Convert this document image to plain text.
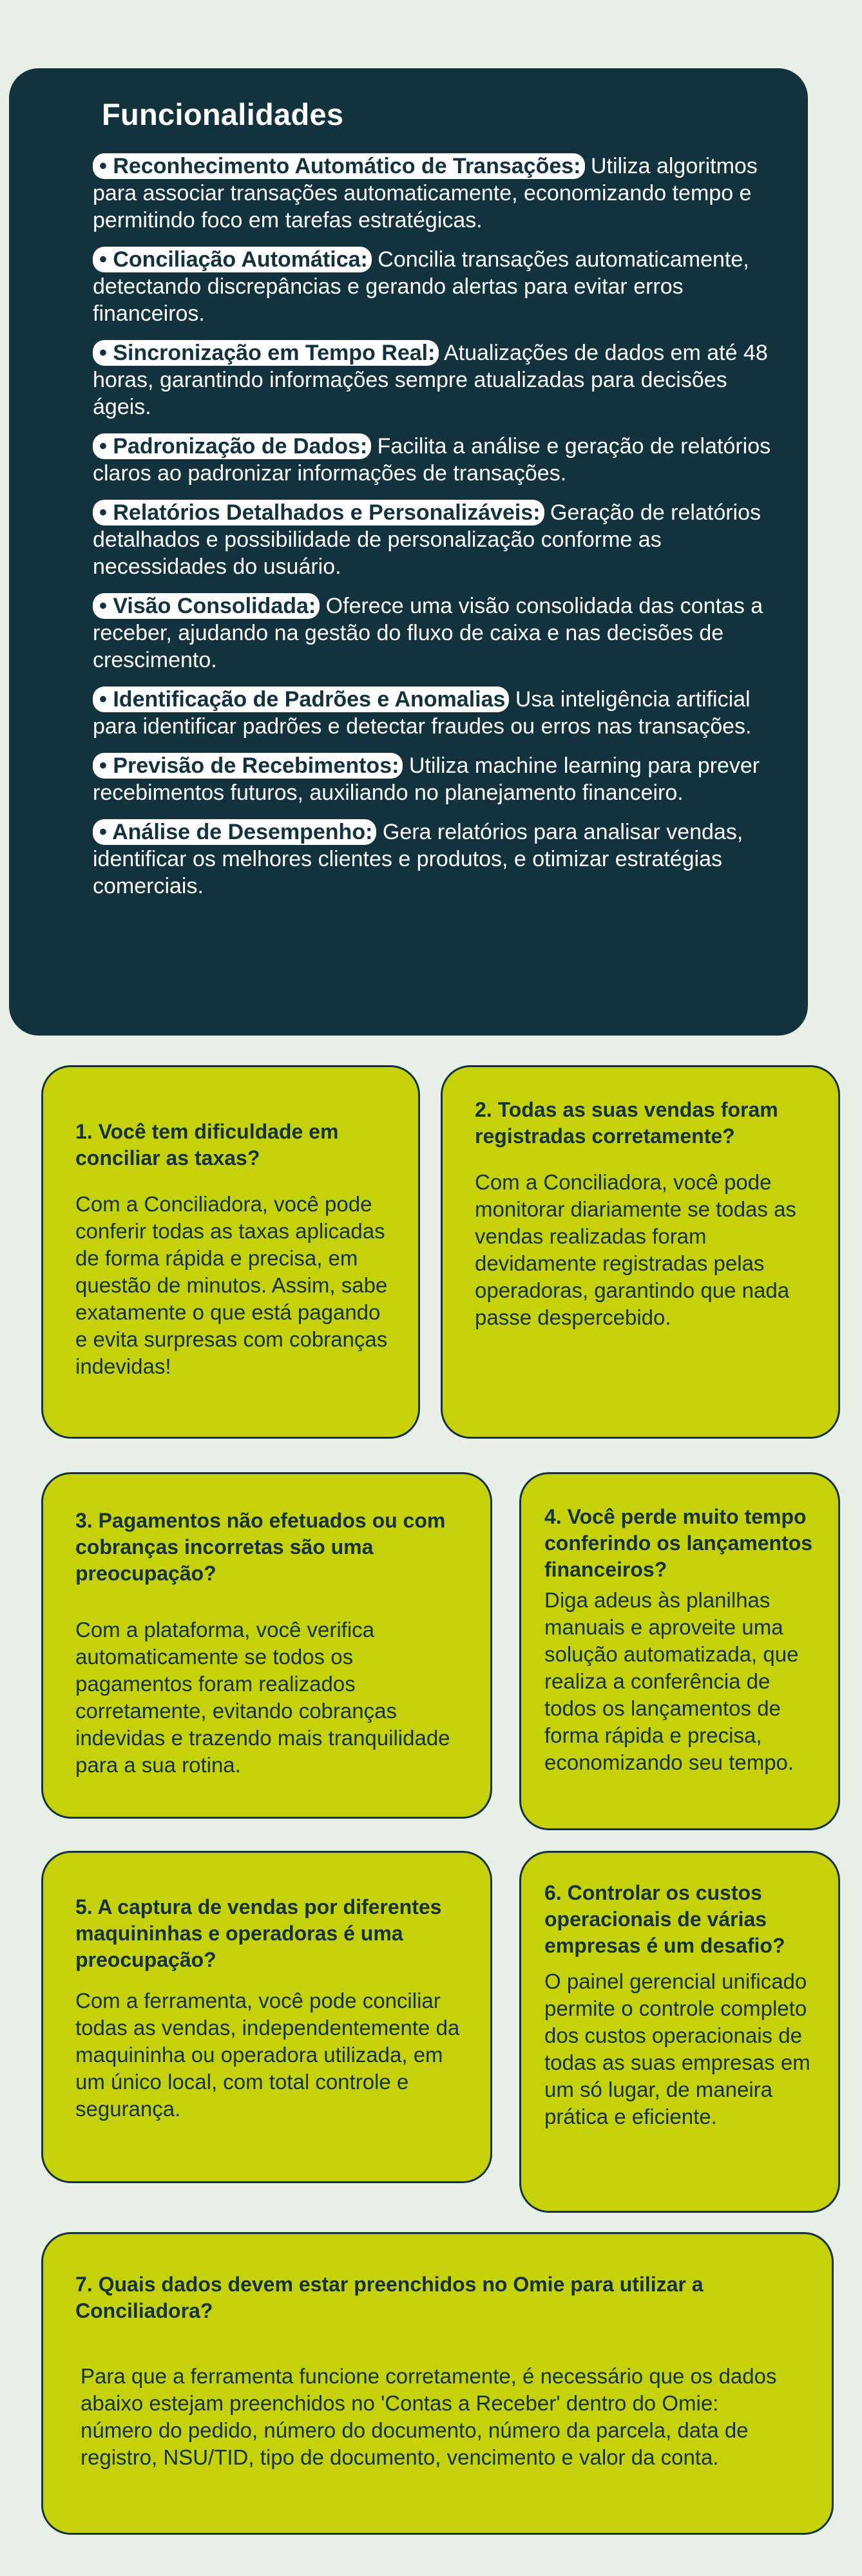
Funcionalidades

• Reconhecimento Automático de Transações: Utiliza algoritmos para associar transações automaticamente, economizando tempo e permitindo foco em tarefas estratégicas.

• Conciliação Automática: Concilia transações automaticamente, detectando discrepâncias e gerando alertas para evitar erros financeiros.

• Sincronização em Tempo Real: Atualizações de dados em até 48 horas, garantindo informações sempre atualizadas para decisões ágeis.

• Padronização de Dados: Facilita a análise e geração de relatórios claros ao padronizar informações de transações.

• Relatórios Detalhados e Personalizáveis: Geração de relatórios detalhados e possibilidade de personalização conforme as necessidades do usuário.

• Visão Consolidada: Oferece uma visão consolidada das contas a receber, ajudando na gestão do fluxo de caixa e nas decisões de crescimento.

• Identificação de Padrões e Anomalias Usa inteligência artificial para identificar padrões e detectar fraudes ou erros nas transações.

• Previsão de Recebimentos: Utiliza machine learning para prever recebimentos futuros, auxiliando no planejamento financeiro.

• Análise de Desempenho: Gera relatórios para analisar vendas, identificar os melhores clientes e produtos, e otimizar estratégias comerciais.

1. Você tem dificuldade em conciliar as taxas?

Com a Conciliadora, você pode conferir todas as taxas aplicadas de forma rápida e precisa, em questão de minutos. Assim, sabe exatamente o que está pagando e evita surpresas com cobranças indevidas!

2. Todas as suas vendas foram registradas corretamente?

Com a Conciliadora, você pode monitorar diariamente se todas as vendas realizadas foram devidamente registradas pelas operadoras, garantindo que nada passe despercebido.

3. Pagamentos não efetuados ou com cobranças incorretas são uma preocupação?

Com a plataforma, você verifica automaticamente se todos os pagamentos foram realizados corretamente, evitando cobranças indevidas e trazendo mais tranquilidade para a sua rotina.

4. Você perde muito tempo conferindo os lançamentos financeiros?

Diga adeus às planilhas manuais e aproveite uma solução automatizada, que realiza a conferência de todos os lançamentos de forma rápida e precisa, economizando seu tempo.

5. A captura de vendas por diferentes maquininhas e operadoras é uma preocupação?

Com a ferramenta, você pode conciliar todas as vendas, independentemente da maquininha ou operadora utilizada, em um único local, com total controle e segurança.

6. Controlar os custos operacionais de várias empresas é um desafio?

O painel gerencial unificado permite o controle completo dos custos operacionais de todas as suas empresas em um só lugar, de maneira prática e eficiente.

7. Quais dados devem estar preenchidos no Omie para utilizar a Conciliadora?

Para que a ferramenta funcione corretamente, é necessário que os dados abaixo estejam preenchidos no 'Contas a Receber' dentro do Omie: número do pedido, número do documento, número da parcela, data de registro, NSU/TID, tipo de documento, vencimento e valor da conta.
